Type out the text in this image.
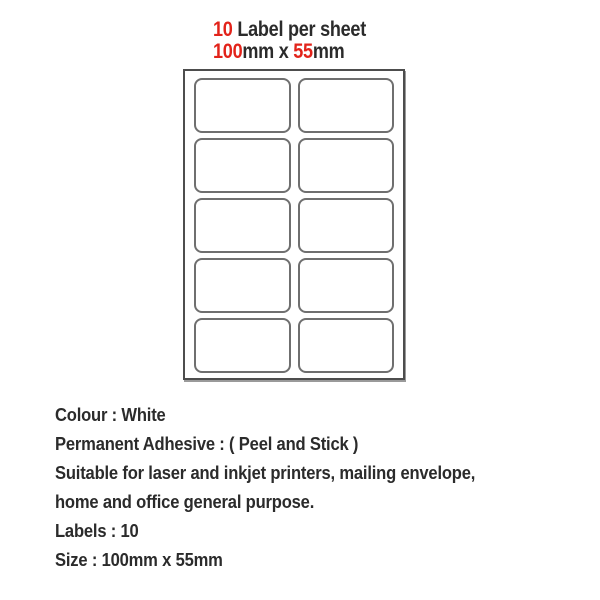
10 Label per sheet
100mm x 55mm
Colour : White
Permanent Adhesive : ( Peel and Stick )
Suitable for laser and inkjet printers, mailing envelope,
home and office general purpose.
Labels : 10
Size : 100mm x 55mm
